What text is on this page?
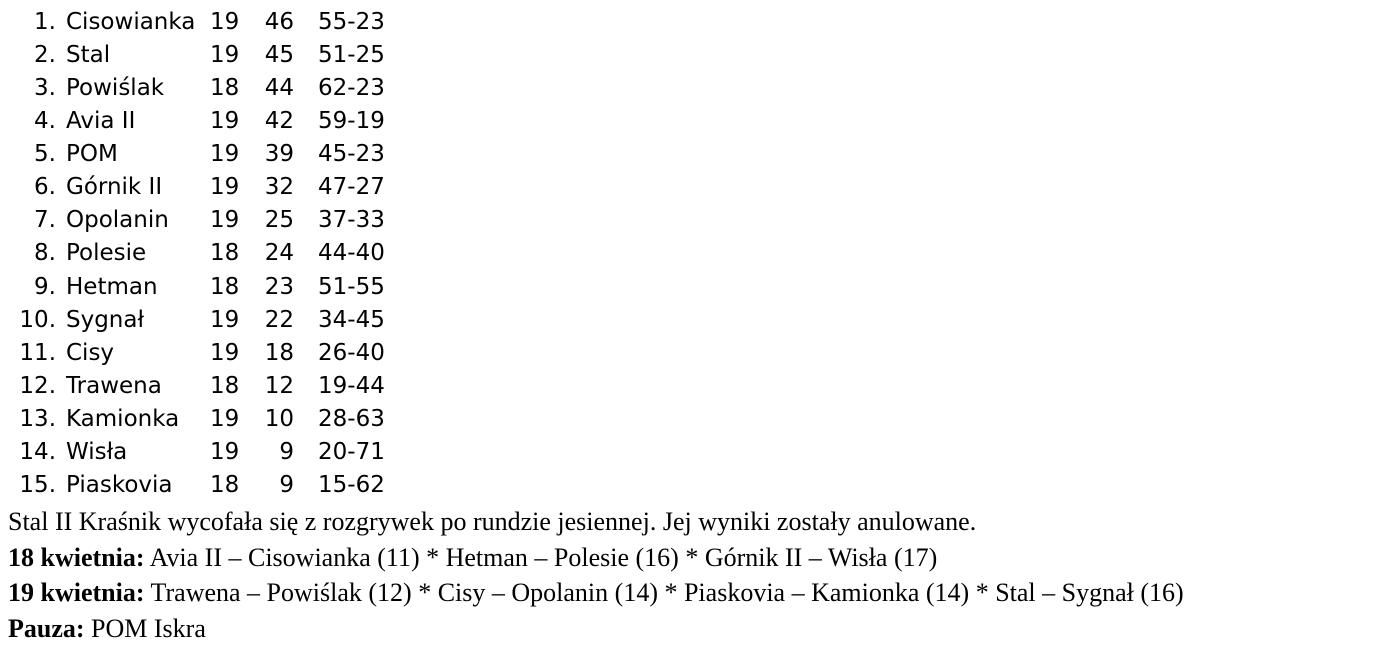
1. Cisowianka 19 46 55-23
2. Stal	19 45 51-25
3. Powiślak 18 44 62-23
4. Avia II	19 42 59-19
5. POM	19 39 45-23
6. Górnik II 19 32 47-27
7. Opolanin 19 25 37-33
8. Polesie	18 24 44-40
9. Hetman 18 23 51-55
10. Sygnał	19 22 34-45
11. Cisy	19 18 26-40
12. Trawena 18 12 19-44
13. Kamionka 19 10 28-63
14. Wisła	19	9 20-71
15. Piaskovia 18	9 15-62
Stal II Kraśnik wycofała się z rozgrywek po rundzie jesiennej. Jej wyniki zostały anulowane.
18 kwietnia: Avia II – Cisowianka (11) * Hetman – Polesie (16) * Górnik II – Wisła (17)
19 kwietnia: Trawena – Powiślak (12) * Cisy – Opolanin (14) * Piaskovia – Kamionka (14) * Stal – Sygnał (16)
Pauza: POM Iskra
